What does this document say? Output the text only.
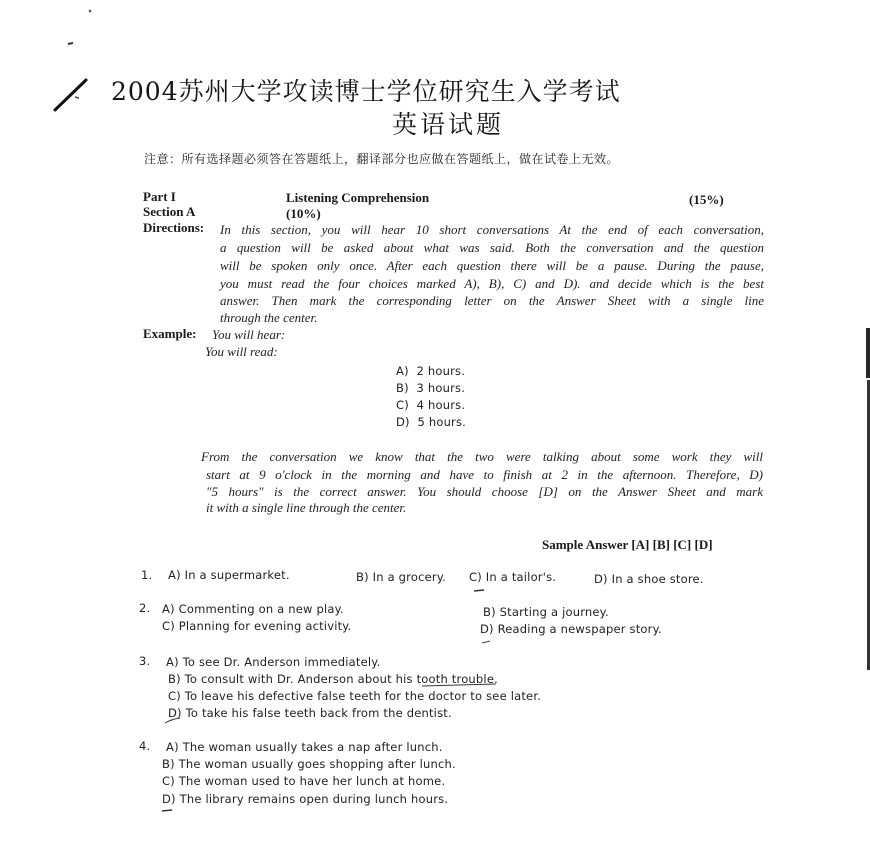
2004苏州大学攻读博士学位研究生入学考试
英语试题
注意：所有选择题必须答在答题纸上，翻译部分也应做在答题纸上，做在试卷上无效。
Part I	Listening Comprehension	(15%)
Section A	(10%)
Directions: In this section, you will hear 10 short conversations At the end of each conversation,
a question will be asked about what was said. Both the conversation and the question
will be spoken only once. After each question there will be a pause. During the pause,
you must read the four choices marked A), B), C) and D). and decide which is the best
answer. Then mark the corresponding letter on the Answer Sheet with a single line
through the center.
Example: You will hear:
You will read:
A) 2 hours.
B) 3 hours.
C) 4 hours.
D) 5 hours.
From the conversation we know that the two were talking about some work they will
start at 9 o'clock in the morning and have to finish at 2 in the afternoon. Therefore, D)
"5 hours" is the correct answer. You should choose [D] on the Answer Sheet and mark
it with a single line through the center.
Sample Answer [A] [B] [C] [D]
1. A) In a supermarket.	B) In a grocery. C) In a tailor's.	D) In a shoe store.
2. A) Commenting on a new play.	B) Starting a journey.
C) Planning for evening activity.	D) Reading a newspaper story.
3. A) To see Dr. Anderson immediately.
B) To consult with Dr. Anderson about his tooth trouble.
C) To leave his defective false teeth for the doctor to see later.
D) To take his false teeth back from the dentist.
4. A) The woman usually takes a nap after lunch.
B) The woman usually goes shopping after lunch.
C) The woman used to have her lunch at home.
D) The library remains open during lunch hours.
